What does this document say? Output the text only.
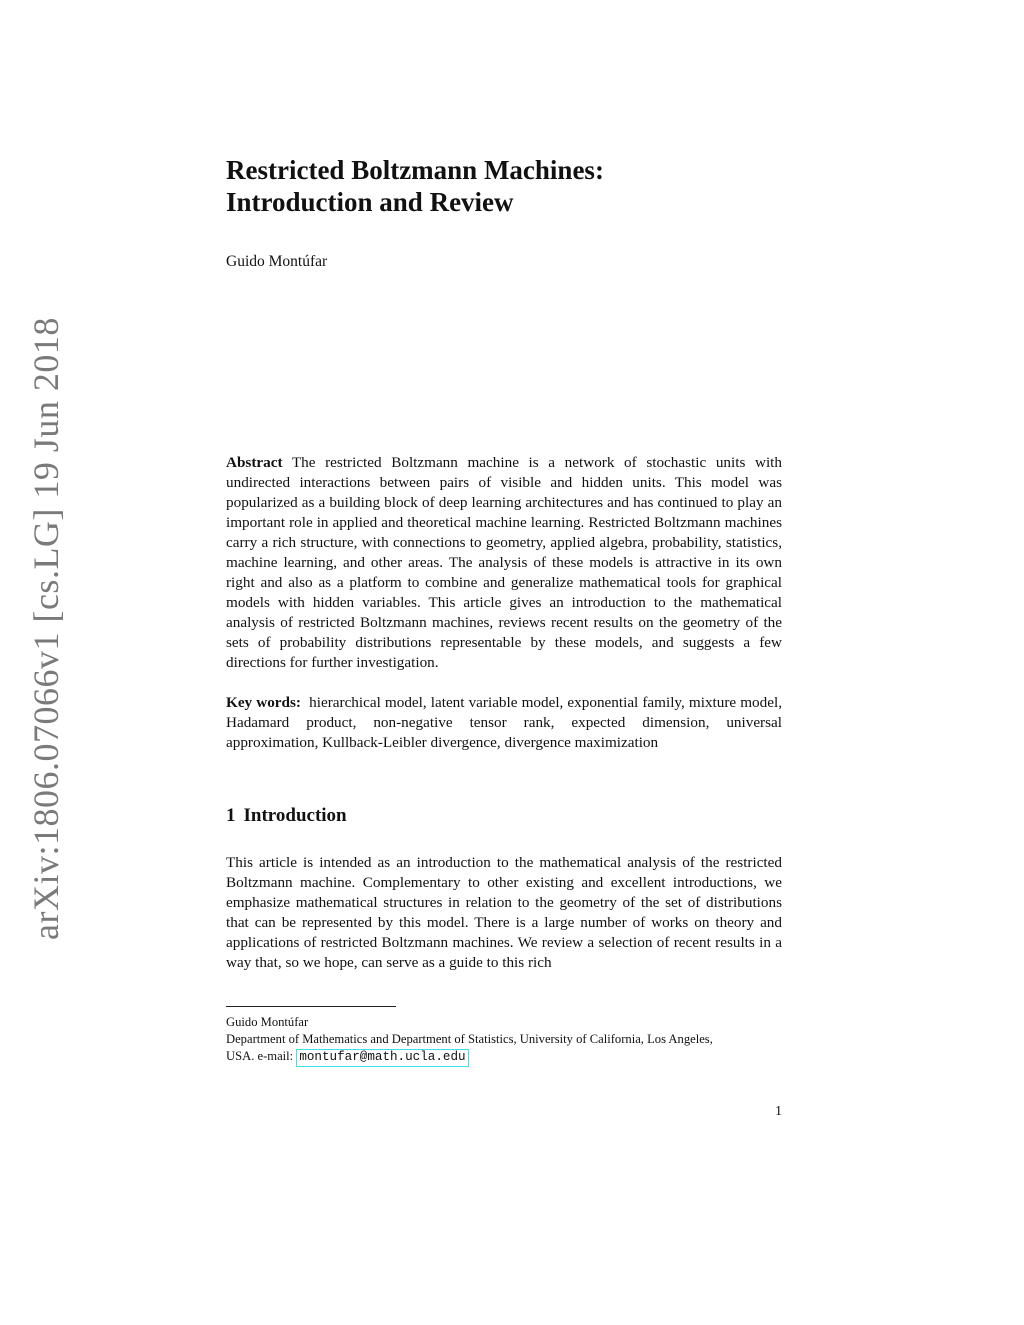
arXiv:1806.07066v1 [cs.LG] 19 Jun 2018
Restricted Boltzmann Machines:
Introduction and Review
Guido Montúfar

Abstract The restricted Boltzmann machine is a network of stochastic units with undirected interactions between pairs of visible and hidden units. This model was popularized as a building block of deep learning architectures and has continued to play an important role in applied and theoretical machine learning. Restricted Boltzmann machines carry a rich structure, with connections to geometry, applied algebra, probability, statistics, machine learning, and other areas. The analysis of these models is attractive in its own right and also as a platform to combine and generalize mathematical tools for graphical models with hidden variables. This article gives an introduction to the mathematical analysis of restricted Boltzmann machines, reviews recent results on the geometry of the sets of probability distributions representable by these models, and suggests a few directions for further investigation.

Key words: hierarchical model, latent variable model, exponential family, mixture model, Hadamard product, non-negative tensor rank, expected dimension, universal approximation, Kullback-Leibler divergence, divergence maximization

1 Introduction

This article is intended as an introduction to the mathematical analysis of the restricted Boltzmann machine. Complementary to other existing and excellent introductions, we emphasize mathematical structures in relation to the geometry of the set of distributions that can be represented by this model. There is a large number of works on theory and applications of restricted Boltzmann machines. We review a selection of recent results in a way that, so we hope, can serve as a guide to this rich

Guido Montúfar
Department of Mathematics and Department of Statistics, University of California, Los Angeles,
USA. e-mail: montufar@math.ucla.edu

1
